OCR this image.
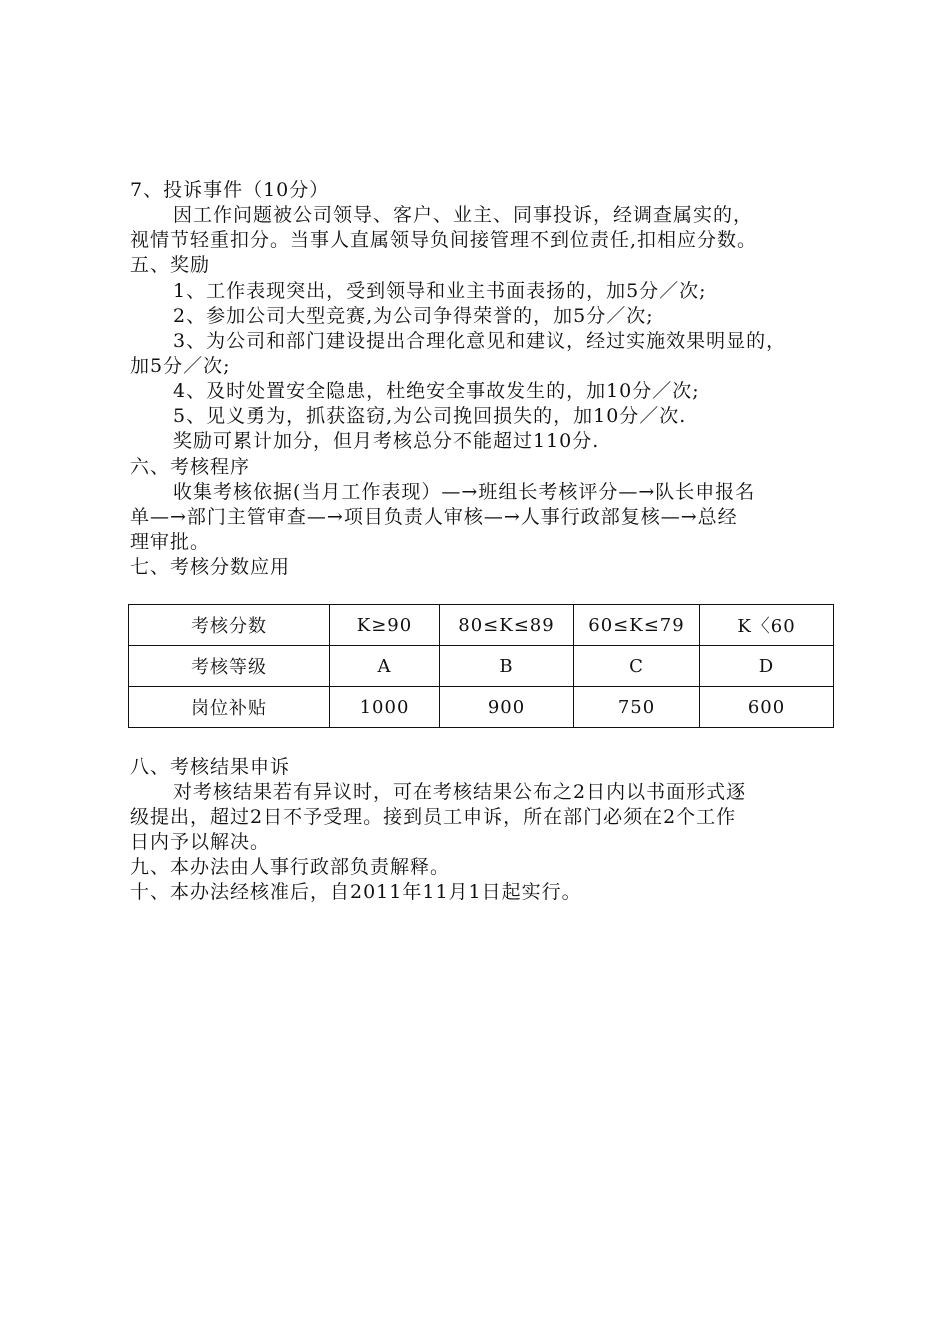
7、投诉事件（10分）
因工作问题被公司领导、客户、业主、同事投诉，经调查属实的，
视情节轻重扣分。当事人直属领导负间接管理不到位责任,扣相应分数。
五、奖励
1、工作表现突出，受到领导和业主书面表扬的，加5分／次;
2、参加公司大型竞赛,为公司争得荣誉的，加5分／次;
3、为公司和部门建设提出合理化意见和建议，经过实施效果明显的，
加5分／次;
4、及时处置安全隐患，杜绝安全事故发生的，加10分／次;
5、见义勇为，抓获盗窃,为公司挽回损失的，加10分／次.
奖励可累计加分，但月考核总分不能超过110分.
六、考核程序
收集考核依据(当月工作表现）—→班组长考核评分—→队长申报名
单—→部门主管审查—→项目负责人审核—→人事行政部复核—→总经
理审批。
七、考核分数应用
考核分数	K≥90	80≤K≤89	60≤K≤79	K〈60
考核等级	A	B	C	D
岗位补贴	1000	900	750	600
八、考核结果申诉
对考核结果若有异议时，可在考核结果公布之2日内以书面形式逐
级提出，超过2日不予受理。接到员工申诉，所在部门必须在2个工作
日内予以解决。
九、本办法由人事行政部负责解释。
十、本办法经核准后，自2011年11月1日起实行。
